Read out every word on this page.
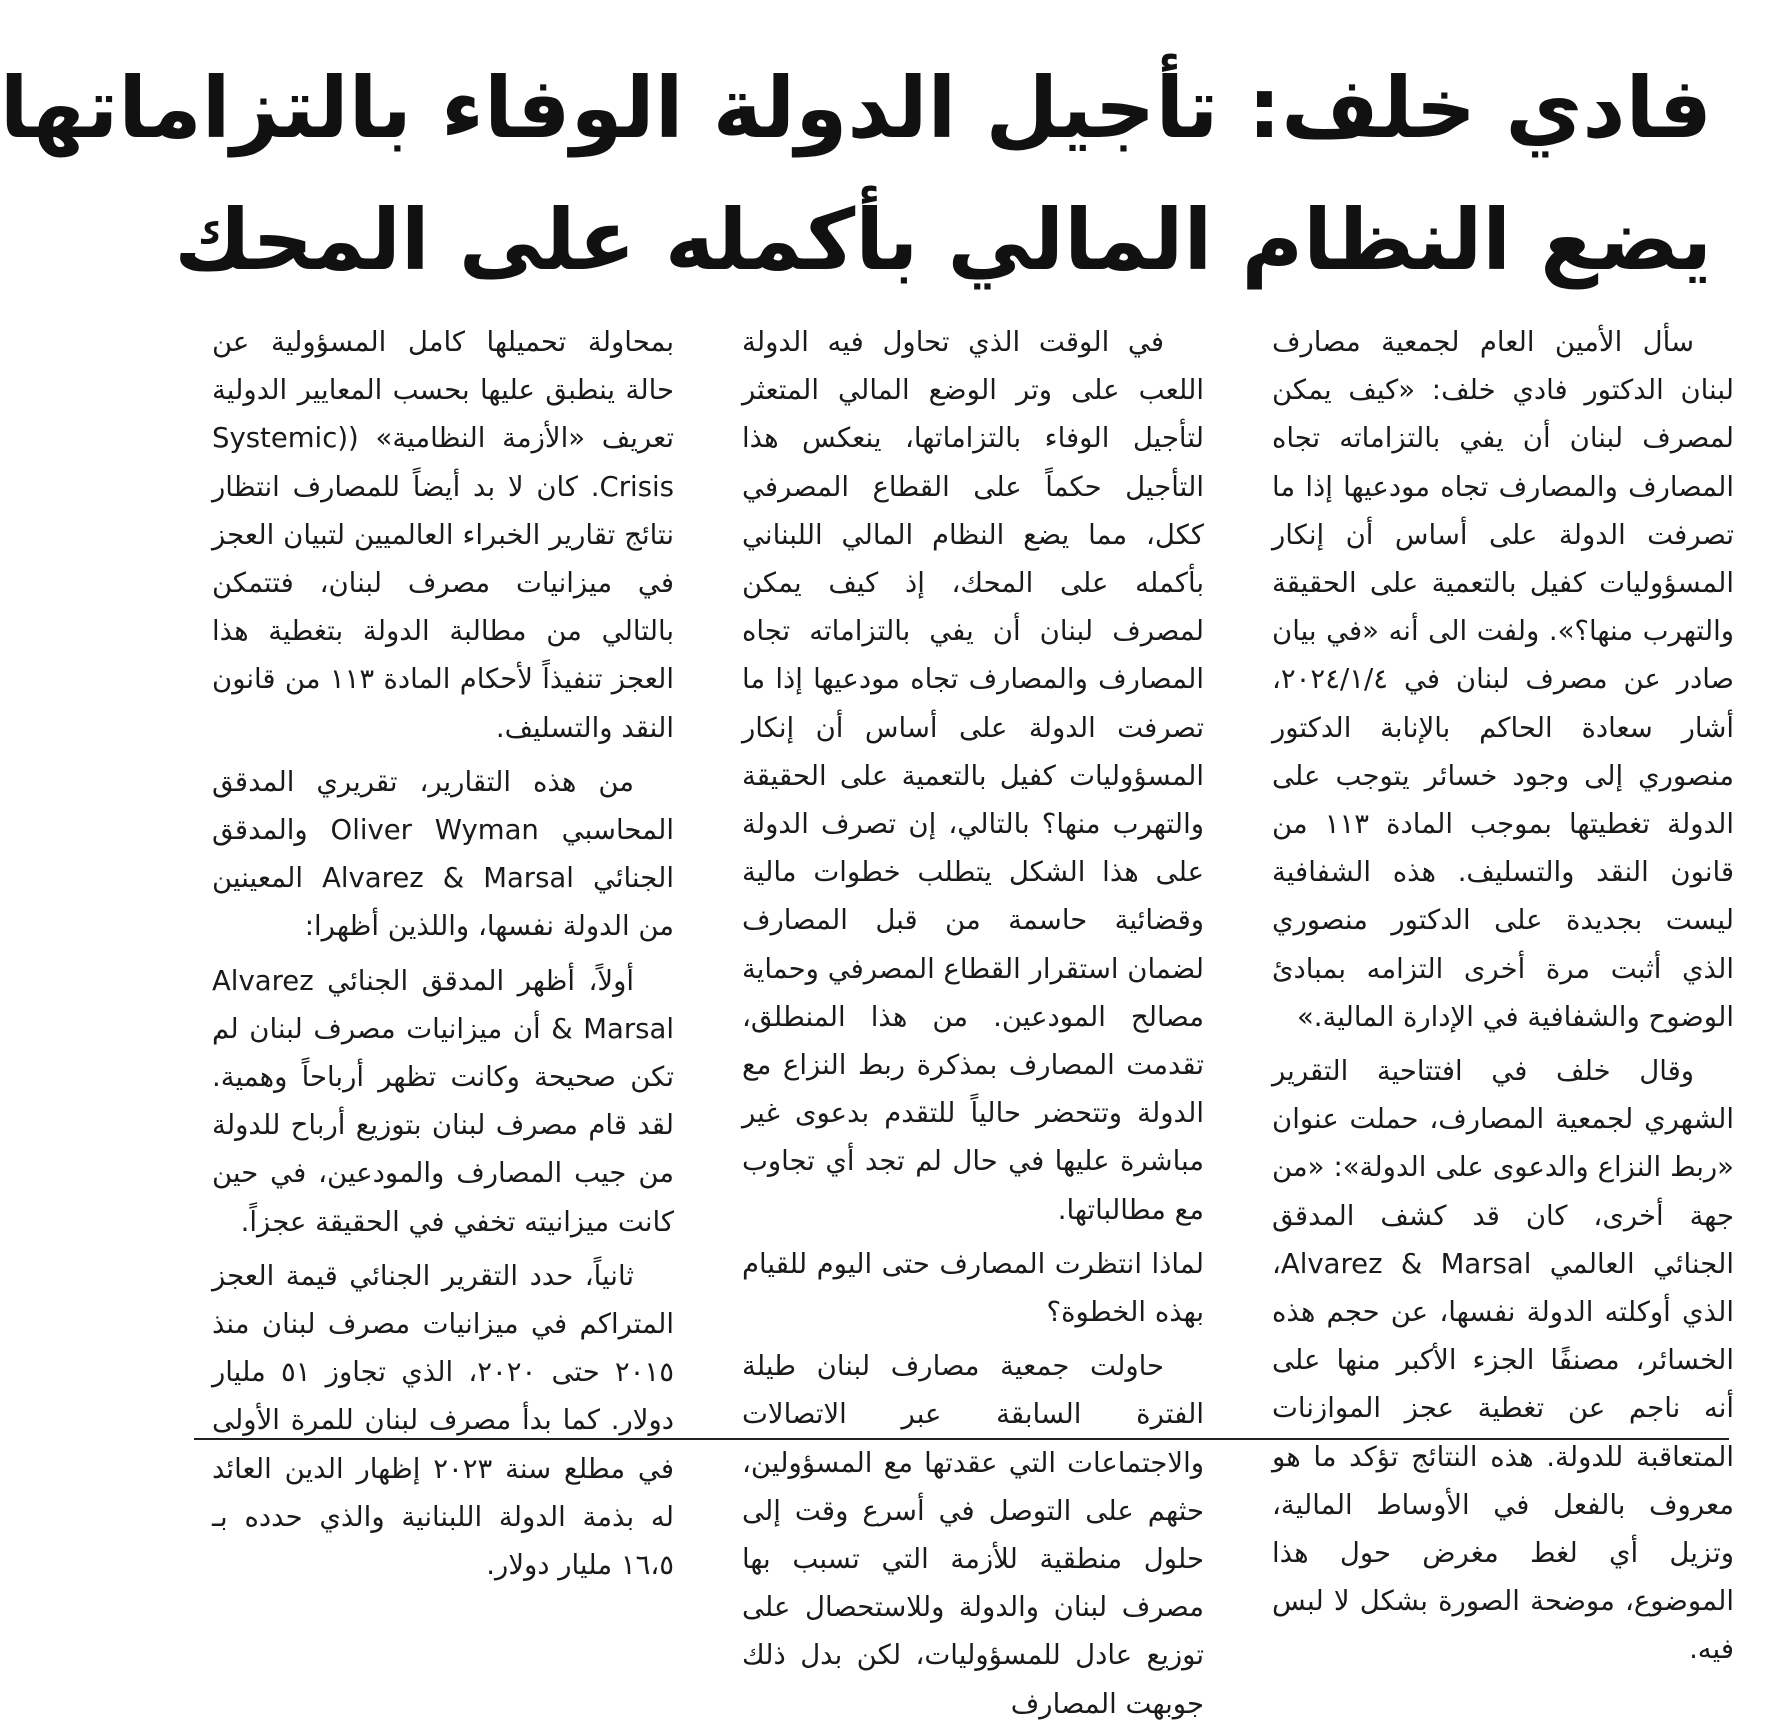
فادي خلف: تأجيل الدولة الوفاء بالتزاماتها
يضع النظام المالي بأكمله على المحك

سأل الأمين العام لجمعية مصارف لبنان الدكتور فادي خلف: «كيف يمكن لمصرف لبنان أن يفي بالتزاماته تجاه المصارف والمصارف تجاه مودعيها إذا ما تصرفت الدولة على أساس أن إنكار المسؤوليات كفيل بالتعمية على الحقيقة والتهرب منها؟». ولفت الى أنه «في بيان صادر عن مصرف لبنان في ٢٠٢٤/١/٤، أشار سعادة الحاكم بالإنابة الدكتور منصوري إلى وجود خسائر يتوجب على الدولة تغطيتها بموجب المادة ١١٣ من قانون النقد والتسليف. هذه الشفافية ليست بجديدة على الدكتور منصوري الذي أثبت مرة أخرى التزامه بمبادئ الوضوح والشفافية في الإدارة المالية.»

وقال خلف في افتتاحية التقرير الشهري لجمعية المصارف، حملت عنوان «ربط النزاع والدعوى على الدولة»: «من جهة أخرى، كان قد كشف المدقق الجنائي العالمي Alvarez & Marsal، الذي أوكلته الدولة نفسها، عن حجم هذه الخسائر، مصنفًا الجزء الأكبر منها على أنه ناجم عن تغطية عجز الموازنات المتعاقبة للدولة. هذه النتائج تؤكد ما هو معروف بالفعل في الأوساط المالية، وتزيل أي لغط مغرض حول هذا الموضوع، موضحة الصورة بشكل لا لبس فيه.

في الوقت الذي تحاول فيه الدولة اللعب على وتر الوضع المالي المتعثر لتأجيل الوفاء بالتزاماتها، ينعكس هذا التأجيل حكماً على القطاع المصرفي ككل، مما يضع النظام المالي اللبناني بأكمله على المحك، إذ كيف يمكن لمصرف لبنان أن يفي بالتزاماته تجاه المصارف والمصارف تجاه مودعيها إذا ما تصرفت الدولة على أساس أن إنكار المسؤوليات كفيل بالتعمية على الحقيقة والتهرب منها؟ بالتالي، إن تصرف الدولة على هذا الشكل يتطلب خطوات مالية وقضائية حاسمة من قبل المصارف لضمان استقرار القطاع المصرفي وحماية مصالح المودعين. من هذا المنطلق، تقدمت المصارف بمذكرة ربط النزاع مع الدولة وتتحضر حالياً للتقدم بدعوى غير مباشرة عليها في حال لم تجد أي تجاوب مع مطالباتها.

لماذا انتظرت المصارف حتى اليوم للقيام بهذه الخطوة؟

حاولت جمعية مصارف لبنان طيلة الفترة السابقة عبر الاتصالات والاجتماعات التي عقدتها مع المسؤولين، حثهم على التوصل في أسرع وقت إلى حلول منطقية للأزمة التي تسبب بها مصرف لبنان والدولة وللاستحصال على توزيع عادل للمسؤوليات، لكن بدل ذلك جوبهت المصارف

بمحاولة تحميلها كامل المسؤولية عن حالة ينطبق عليها بحسب المعايير الدولية تعريف «الأزمة النظامية» ((Systemic Crisis. كان لا بد أيضاً للمصارف انتظار نتائج تقارير الخبراء العالميين لتبيان العجز في ميزانيات مصرف لبنان، فتتمكن بالتالي من مطالبة الدولة بتغطية هذا العجز تنفيذاً لأحكام المادة ١١٣ من قانون النقد والتسليف.

من هذه التقارير، تقريري المدقق المحاسبي Oliver Wyman والمدقق الجنائي Alvarez & Marsal المعينين من الدولة نفسها، واللذين أظهرا:

أولاً، أظهر المدقق الجنائي Alvarez & Marsal أن ميزانيات مصرف لبنان لم تكن صحيحة وكانت تظهر أرباحاً وهمية. لقد قام مصرف لبنان بتوزيع أرباح للدولة من جيب المصارف والمودعين، في حين كانت ميزانيته تخفي في الحقيقة عجزاً.

ثانياً، حدد التقرير الجنائي قيمة العجز المتراكم في ميزانيات مصرف لبنان منذ ٢٠١٥ حتى ٢٠٢٠، الذي تجاوز ٥١ مليار دولار. كما بدأ مصرف لبنان للمرة الأولى في مطلع سنة ٢٠٢٣ إظهار الدين العائد له بذمة الدولة اللبنانية والذي حدده بـ ١٦،٥ مليار دولار.
